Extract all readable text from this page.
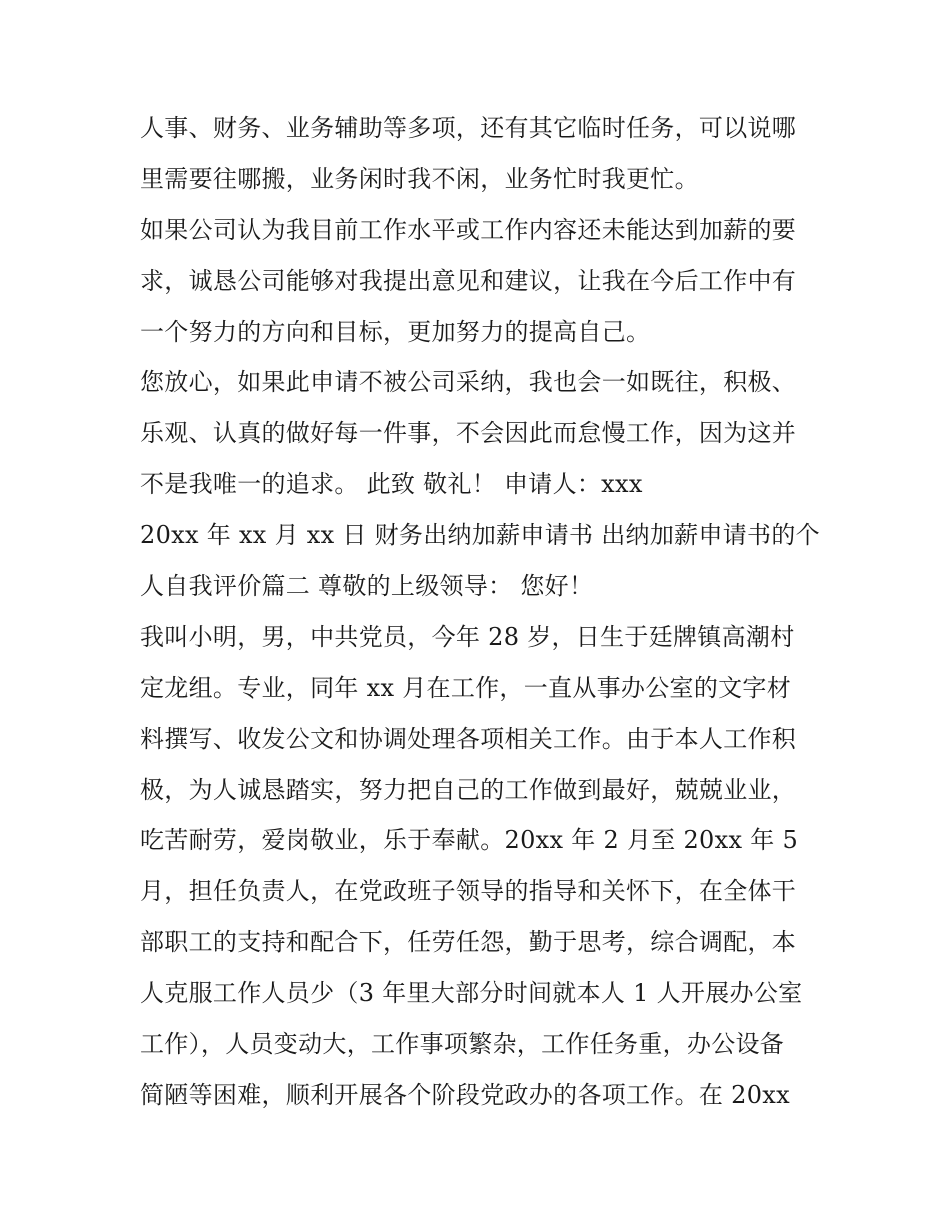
人事、财务、业务辅助等多项，还有其它临时任务，可以说哪
里需要往哪搬，业务闲时我不闲，业务忙时我更忙。
如果公司认为我目前工作水平或工作内容还未能达到加薪的要
求，诚恳公司能够对我提出意见和建议，让我在今后工作中有
一个努力的方向和目标，更加努力的提高自己。
您放心，如果此申请不被公司采纳，我也会一如既往，积极、
乐观、认真的做好每一件事，不会因此而怠慢工作，因为这并
不是我唯一的追求。 此致 敬礼！ 申请人：xxx
20xx 年 xx 月 xx 日 财务出纳加薪申请书 出纳加薪申请书的个
人自我评价篇二 尊敬的上级领导： 您好！
我叫小明，男，中共党员，今年 28 岁，日生于廷牌镇高潮村
定龙组。专业，同年 xx 月在工作，一直从事办公室的文字材
料撰写、收发公文和协调处理各项相关工作。由于本人工作积
极，为人诚恳踏实，努力把自己的工作做到最好，兢兢业业，
吃苦耐劳，爱岗敬业，乐于奉献。20xx 年 2 月至 20xx 年 5
月，担任负责人，在党政班子领导的指导和关怀下，在全体干
部职工的支持和配合下，任劳任怨，勤于思考，综合调配，本
人克服工作人员少（3 年里大部分时间就本人 1 人开展办公室
工作），人员变动大，工作事项繁杂，工作任务重，办公设备
简陋等困难，顺利开展各个阶段党政办的各项工作。在 20xx
